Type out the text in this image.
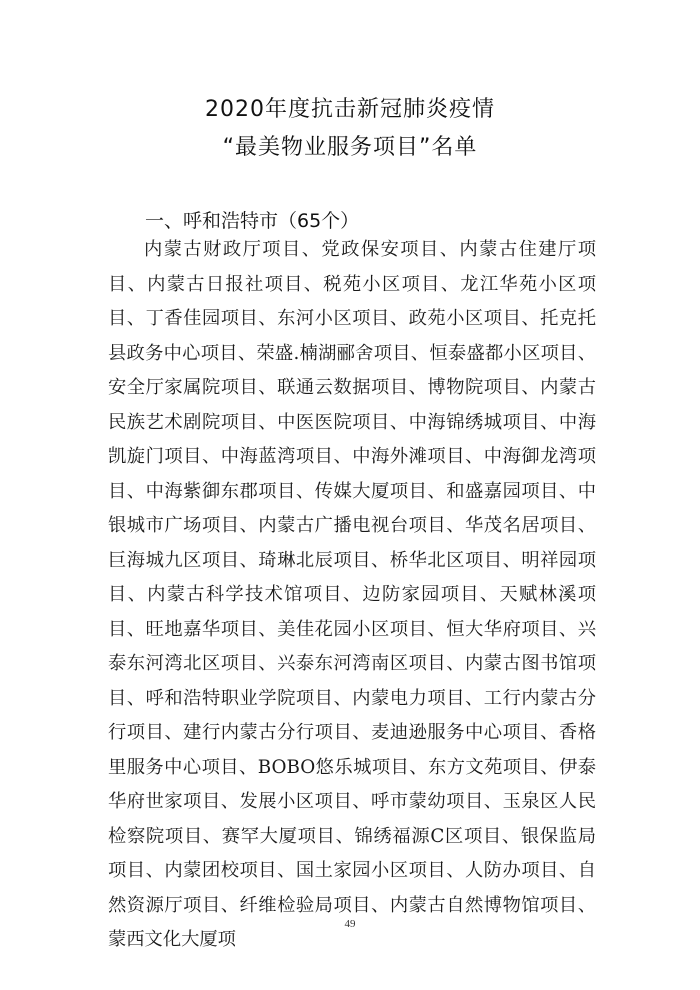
2020年度抗击新冠肺炎疫情
“最美物业服务项目”名单
一、呼和浩特市（65个）

内蒙古财政厅项目、党政保安项目、内蒙古住建厅项目、内蒙古日报社项目、税苑小区项目、龙江华苑小区项目、丁香佳园项目、东河小区项目、政苑小区项目、托克托县政务中心项目、荣盛.楠湖郦舍项目、恒泰盛都小区项目、安全厅家属院项目、联通云数据项目、博物院项目、内蒙古民族艺术剧院项目、中医医院项目、中海锦绣城项目、中海凯旋门项目、中海蓝湾项目、中海外滩项目、中海御龙湾项目、中海紫御东郡项目、传媒大厦项目、和盛嘉园项目、中银城市广场项目、内蒙古广播电视台项目、华茂名居项目、巨海城九区项目、琦琳北辰项目、桥华北区项目、明祥园项目、内蒙古科学技术馆项目、边防家园项目、天赋林溪项目、旺地嘉华项目、美佳花园小区项目、恒大华府项目、兴泰东河湾北区项目、兴泰东河湾南区项目、内蒙古图书馆项目、呼和浩特职业学院项目、内蒙电力项目、工行内蒙古分行项目、建行内蒙古分行项目、麦迪逊服务中心项目、香格里服务中心项目、BOBO悠乐城项目、东方文苑项目、伊泰华府世家项目、发展小区项目、呼市蒙幼项目、玉泉区人民检察院项目、赛罕大厦项目、锦绣福源C区项目、银保监局项目、内蒙团校项目、国土家园小区项目、人防办项目、自然资源厅项目、纤维检验局项目、内蒙古自然博物馆项目、蒙西文化大厦项

49
